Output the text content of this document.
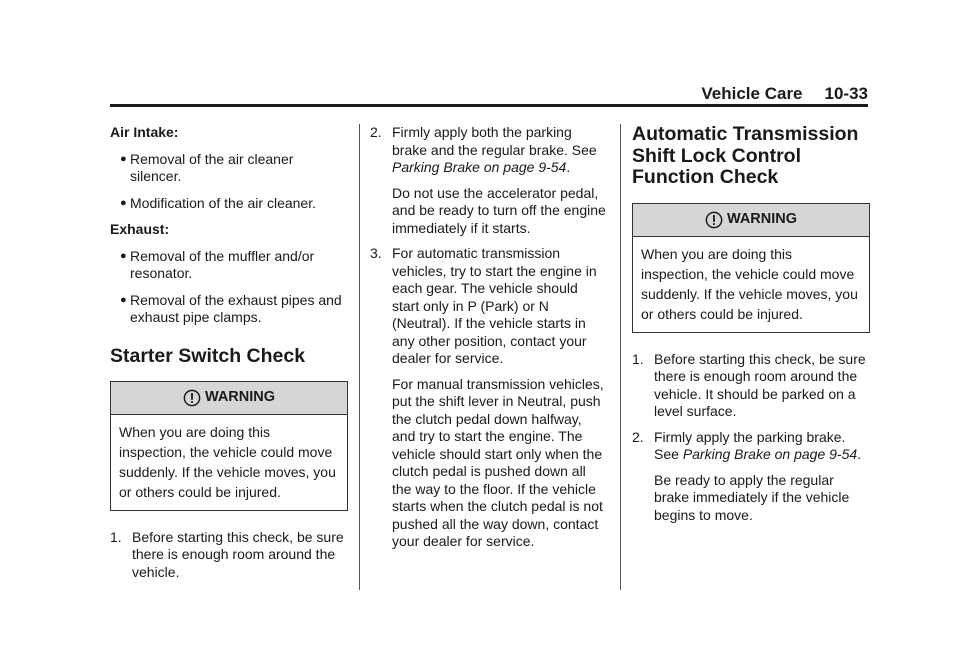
Vehicle Care 10-33

Air Intake:

● Removal of the air cleaner silencer.
● Modification of the air cleaner.

Exhaust:

● Removal of the muffler and/or resonator.
● Removal of the exhaust pipes and exhaust pipe clamps.
Starter Switch Check
WARNING
When you are doing this inspection, the vehicle could move suddenly. If the vehicle moves, you or others could be injured.
1. Before starting this check, be sure there is enough room around the vehicle.
2. Firmly apply both the parking brake and the regular brake. See Parking Brake on page 9-54.

Do not use the accelerator pedal, and be ready to turn off the engine immediately if it starts.

3. For automatic transmission vehicles, try to start the engine in each gear. The vehicle should start only in P (Park) or N (Neutral). If the vehicle starts in any other position, contact your dealer for service.

For manual transmission vehicles, put the shift lever in Neutral, push the clutch pedal down halfway, and try to start the engine. The vehicle should start only when the clutch pedal is pushed down all the way to the floor. If the vehicle starts when the clutch pedal is not pushed all the way down, contact your dealer for service.

Automatic Transmission Shift Lock Control Function Check
WARNING
When you are doing this inspection, the vehicle could move suddenly. If the vehicle moves, you or others could be injured.
1. Before starting this check, be sure there is enough room around the vehicle. It should be parked on a level surface.
2. Firmly apply the parking brake. See Parking Brake on page 9-54.

Be ready to apply the regular brake immediately if the vehicle begins to move.
